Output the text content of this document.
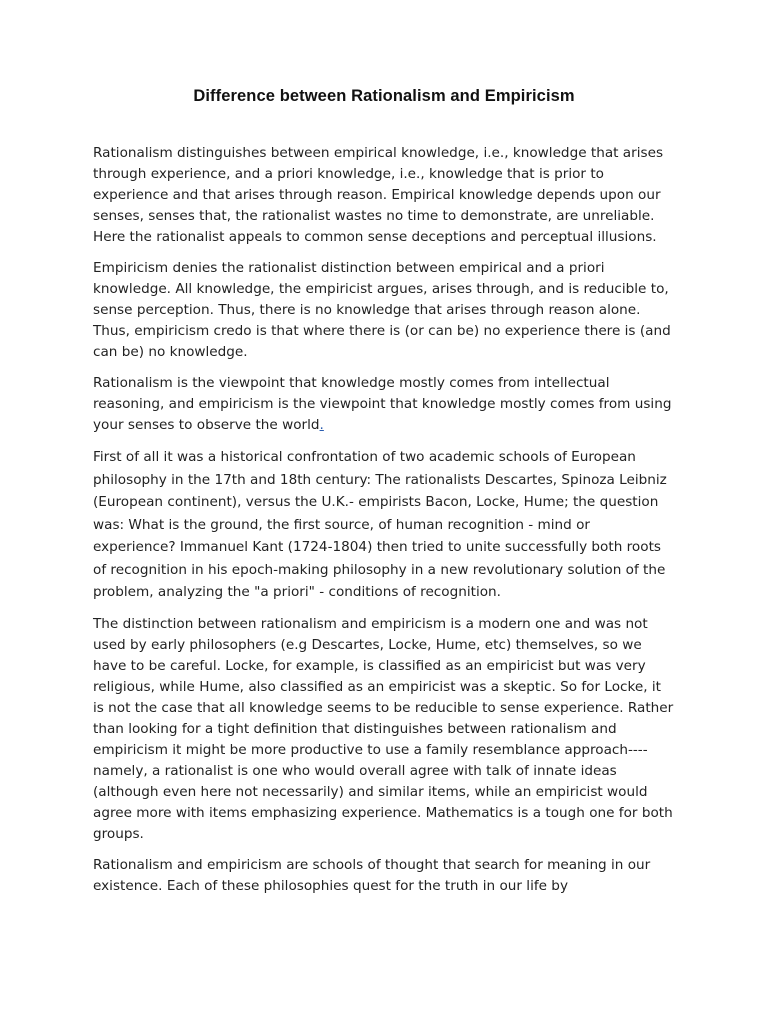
Difference between Rationalism and Empiricism

Rationalism distinguishes between empirical knowledge, i.e., knowledge that arises through experience, and a priori knowledge, i.e., knowledge that is prior to experience and that arises through reason. Empirical knowledge depends upon our senses, senses that, the rationalist wastes no time to demonstrate, are unreliable. Here the rationalist appeals to common sense deceptions and perceptual illusions.

Empiricism denies the rationalist distinction between empirical and a priori knowledge. All knowledge, the empiricist argues, arises through, and is reducible to, sense perception. Thus, there is no knowledge that arises through reason alone. Thus, empiricism credo is that where there is (or can be) no experience there is (and can be) no knowledge.

Rationalism is the viewpoint that knowledge mostly comes from intellectual reasoning, and empiricism is the viewpoint that knowledge mostly comes from using your senses to observe the world.

First of all it was a historical confrontation of two academic schools of European philosophy in the 17th and 18th century: The rationalists Descartes, Spinoza Leibniz (European continent), versus the U.K.- empirists Bacon, Locke, Hume; the question was: What is the ground, the first source, of human recognition - mind or experience? Immanuel Kant (1724-1804) then tried to unite successfully both roots of recognition in his epoch-making philosophy in a new revolutionary solution of the problem, analyzing the "a priori" - conditions of recognition.

The distinction between rationalism and empiricism is a modern one and was not used by early philosophers (e.g Descartes, Locke, Hume, etc) themselves, so we have to be careful. Locke, for example, is classified as an empiricist but was very religious, while Hume, also classified as an empiricist was a skeptic. So for Locke, it is not the case that all knowledge seems to be reducible to sense experience. Rather than looking for a tight definition that distinguishes between rationalism and empiricism it might be more productive to use a family resemblance approach----namely, a rationalist is one who would overall agree with talk of innate ideas (although even here not necessarily) and similar items, while an empiricist would agree more with items emphasizing experience. Mathematics is a tough one for both groups.

Rationalism and empiricism are schools of thought that search for meaning in our existence. Each of these philosophies quest for the truth in our life by
